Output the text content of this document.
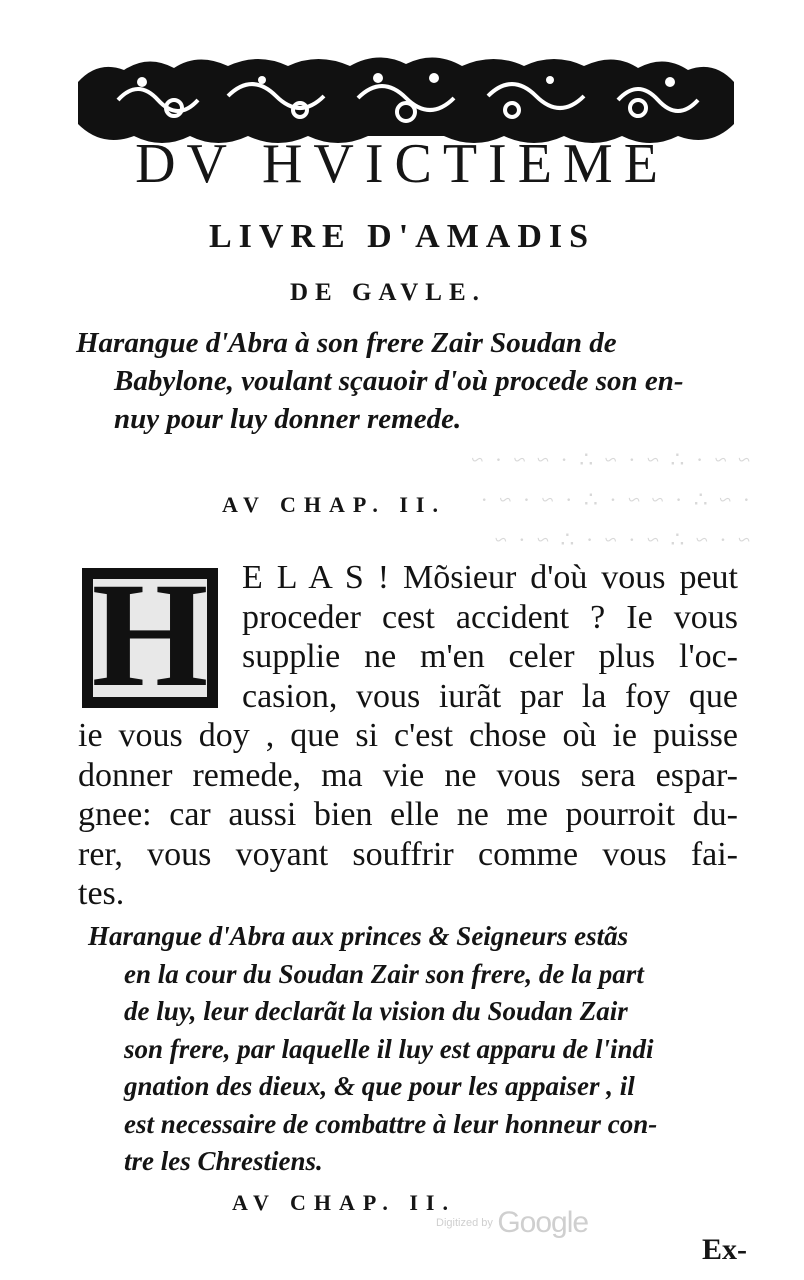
DV HVICTIEME
LIVRE D'AMADIS
DE GAVLE.
Harangue d'Abra à son frere Zair Soudan de
Babylone, voulant sçauoir d'où procede son en-
nuy pour luy donner remede.
~ ~ · ∴ ~ · ~ ∴ · ~ ~ · ~
· ~ ∴ · ~ ~ · ∴ · ~ · ~ ·
~ · ~ ∴ ~ · ~ · ∴ ~ · ~
AV CHAP. II.
H E L A S ! Mõsieur d'où vous peut
proceder cest accident ? Ie vous
supplie ne m'en celer plus l'oc-
casion, vous iurãt par la foy que
ie vous doy , que si c'est chose où ie puisse
donner remede, ma vie ne vous sera espar-
gnee: car aussi bien elle ne me pourroit du-
rer, vous voyant souffrir comme vous fai-
tes.
Harangue d'Abra aux princes & Seigneurs estãs
en la cour du Soudan Zair son frere, de la part
de luy, leur declarãt la vision du Soudan Zair
son frere, par laquelle il luy est apparu de l'indi
gnation des dieux, & que pour les appaiser , il
est necessaire de combattre à leur honneur con-
tre les Chrestiens.
AV CHAP. II.
Digitized by Google
Ex-
